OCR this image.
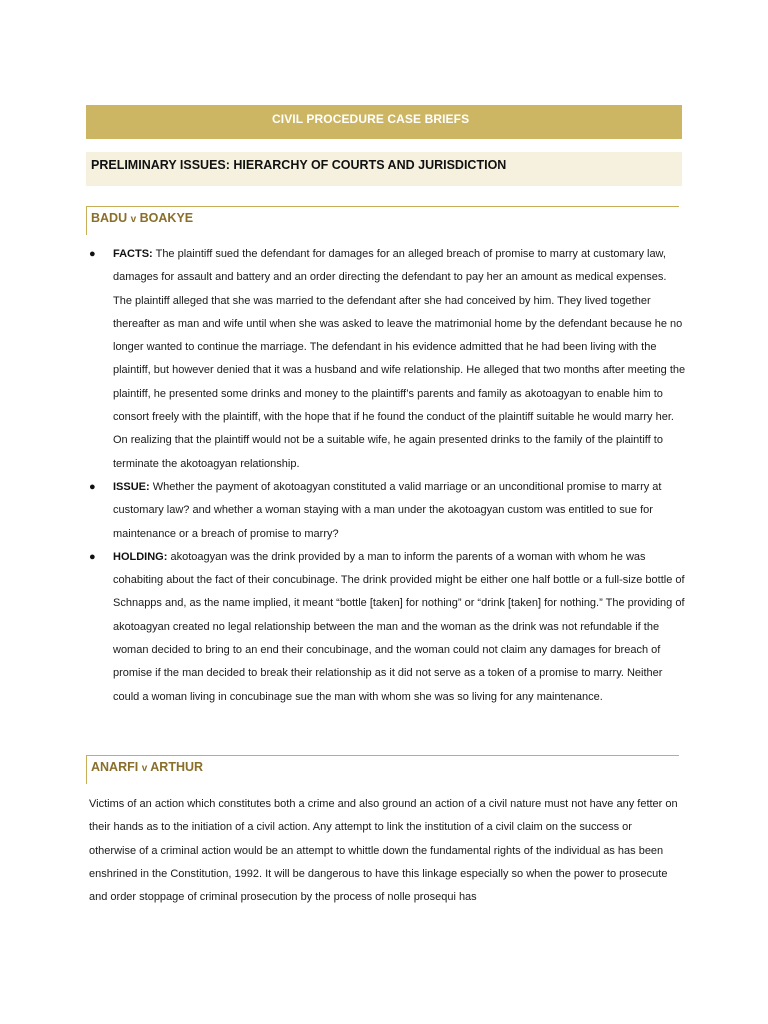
CIVIL PROCEDURE CASE BRIEFS
PRELIMINARY ISSUES: HIERARCHY OF COURTS AND JURISDICTION
BADU v BOAKYE
● FACTS: The plaintiff sued the defendant for damages for an alleged breach of promise to marry at customary law, damages for assault and battery and an order directing the defendant to pay her an amount as medical expenses. The plaintiff alleged that she was married to the defendant after she had conceived by him. They lived together thereafter as man and wife until when she was asked to leave the matrimonial home by the defendant because he no longer wanted to continue the marriage. The defendant in his evidence admitted that he had been living with the plaintiff, but however denied that it was a husband and wife relationship. He alleged that two months after meeting the plaintiff, he presented some drinks and money to the plaintiff’s parents and family as akotoagyan to enable him to consort freely with the plaintiff, with the hope that if he found the conduct of the plaintiff suitable he would marry her. On realizing that the plaintiff would not be a suitable wife, he again presented drinks to the family of the plaintiff to terminate the akotoagyan relationship.

● ISSUE: Whether the payment of akotoagyan constituted a valid marriage or an unconditional promise to marry at customary law? and whether a woman staying with a man under the akotoagyan custom was entitled to sue for maintenance or a breach of promise to marry?

● HOLDING: akotoagyan was the drink provided by a man to inform the parents of a woman with whom he was cohabiting about the fact of their concubinage. The drink provided might be either one half bottle or a full-size bottle of Schnapps and, as the name implied, it meant “bottle [taken] for nothing” or “drink [taken] for nothing.” The providing of akotoagyan created no legal relationship between the man and the woman as the drink was not refundable if the woman decided to bring to an end their concubinage, and the woman could not claim any damages for breach of promise if the man decided to break their relationship as it did not serve as a token of a promise to marry. Neither could a woman living in concubinage sue the man with whom she was so living for any maintenance.

ANARFI v ARTHUR

Victims of an action which constitutes both a crime and also ground an action of a civil nature must not have any fetter on their hands as to the initiation of a civil action. Any attempt to link the institution of a civil claim on the success or otherwise of a criminal action would be an attempt to whittle down the fundamental rights of the individual as has been enshrined in the Constitution, 1992. It will be dangerous to have this linkage especially so when the power to prosecute and order stoppage of criminal prosecution by the process of nolle prosequi has
